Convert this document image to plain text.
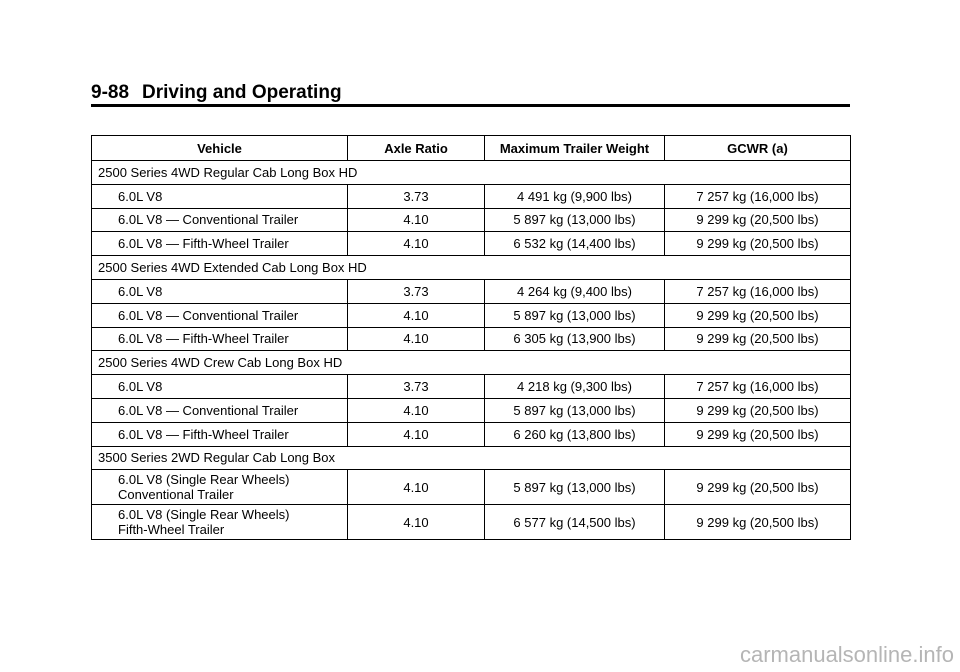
9-88 Driving and Operating
Vehicle	Axle Ratio	Maximum Trailer Weight	GCWR (a)
2500 Series 4WD Regular Cab Long Box HD			
6.0L V8	3.73	4 491 kg (9,900 lbs)	7 257 kg (16,000 lbs)
6.0L V8 — Conventional Trailer	4.10	5 897 kg (13,000 lbs)	9 299 kg (20,500 lbs)
6.0L V8 — Fifth-Wheel Trailer	4.10	6 532 kg (14,400 lbs)	9 299 kg (20,500 lbs)
2500 Series 4WD Extended Cab Long Box HD			
6.0L V8	3.73	4 264 kg (9,400 lbs)	7 257 kg (16,000 lbs)
6.0L V8 — Conventional Trailer	4.10	5 897 kg (13,000 lbs)	9 299 kg (20,500 lbs)
6.0L V8 — Fifth-Wheel Trailer	4.10	6 305 kg (13,900 lbs)	9 299 kg (20,500 lbs)
2500 Series 4WD Crew Cab Long Box HD			
6.0L V8	3.73	4 218 kg (9,300 lbs)	7 257 kg (16,000 lbs)
6.0L V8 — Conventional Trailer	4.10	5 897 kg (13,000 lbs)	9 299 kg (20,500 lbs)
6.0L V8 — Fifth-Wheel Trailer	4.10	6 260 kg (13,800 lbs)	9 299 kg (20,500 lbs)
3500 Series 2WD Regular Cab Long Box			
6.0L V8 (Single Rear Wheels)
Conventional Trailer	4.10	5 897 kg (13,000 lbs)	9 299 kg (20,500 lbs)
6.0L V8 (Single Rear Wheels)
Fifth-Wheel Trailer	4.10	6 577 kg (14,500 lbs)	9 299 kg (20,500 lbs)
carmanualsonline.info
